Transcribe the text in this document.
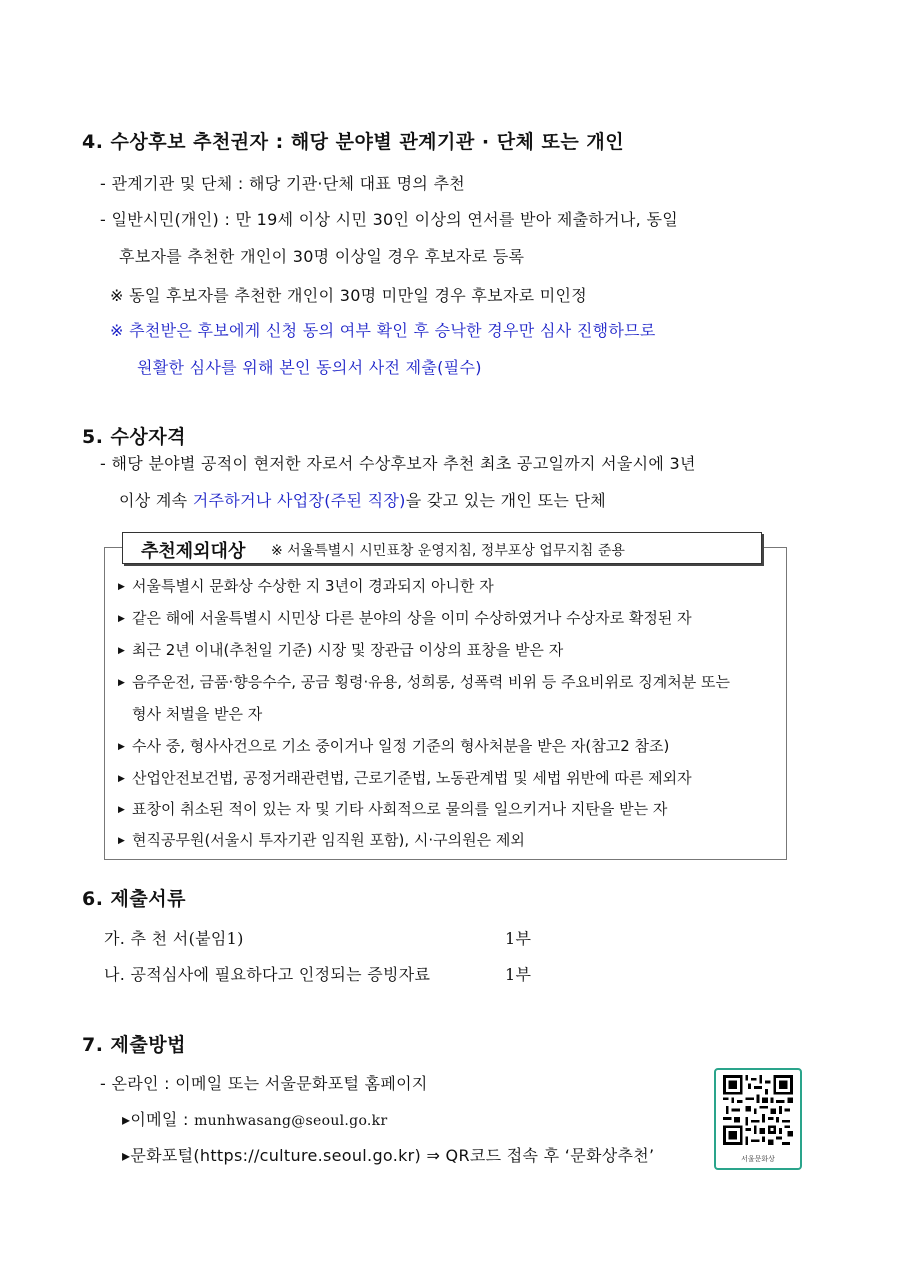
4. 수상후보 추천권자 : 해당 분야별 관계기관 · 단체 또는 개인
- 관계기관 및 단체 : 해당 기관·단체 대표 명의 추천
- 일반시민(개인) : 만 19세 이상 시민 30인 이상의 연서를 받아 제출하거나, 동일
후보자를 추천한 개인이 30명 이상일 경우 후보자로 등록
※ 동일 후보자를 추천한 개인이 30명 미만일 경우 후보자로 미인정
※ 추천받은 후보에게 신청 동의 여부 확인 후 승낙한 경우만 심사 진행하므로
원활한 심사를 위해 본인 동의서 사전 제출(필수)
5. 수상자격
- 해당 분야별 공적이 현저한 자로서 수상후보자 추천 최초 공고일까지 서울시에 3년
이상 계속 거주하거나 사업장(주된 직장)을 갖고 있는 개인 또는 단체
추천제외대상 ※ 서울특별시 시민표창 운영지침, 정부포상 업무지침 준용
▶ 서울특별시 문화상 수상한 지 3년이 경과되지 아니한 자
▶ 같은 해에 서울특별시 시민상 다른 분야의 상을 이미 수상하였거나 수상자로 확정된 자
▶ 최근 2년 이내(추천일 기준) 시장 및 장관급 이상의 표창을 받은 자
▶ 음주운전, 금품·향응수수, 공금 횡령·유용, 성희롱, 성폭력 비위 등 주요비위로 징계처분 또는
형사 처벌을 받은 자
▶ 수사 중, 형사사건으로 기소 중이거나 일정 기준의 형사처분을 받은 자(참고2 참조)
▶ 산업안전보건법, 공정거래관련법, 근로기준법, 노동관계법 및 세법 위반에 따른 제외자
▶ 표창이 취소된 적이 있는 자 및 기타 사회적으로 물의를 일으키거나 지탄을 받는 자
▶ 현직공무원(서울시 투자기관 임직원 포함), 시·구의원은 제외
6. 제출서류
가. 추 천 서(붙임1)	1부
나. 공적심사에 필요하다고 인정되는 증빙자료	1부
7. 제출방법
- 온라인 : 이메일 또는 서울문화포털 홈페이지
▸이메일 : munhwasang@seoul.go.kr
▸문화포털(https://culture.seoul.go.kr) ⇒ QR코드 접속 후 ‘문화상추천’	서울문화상
